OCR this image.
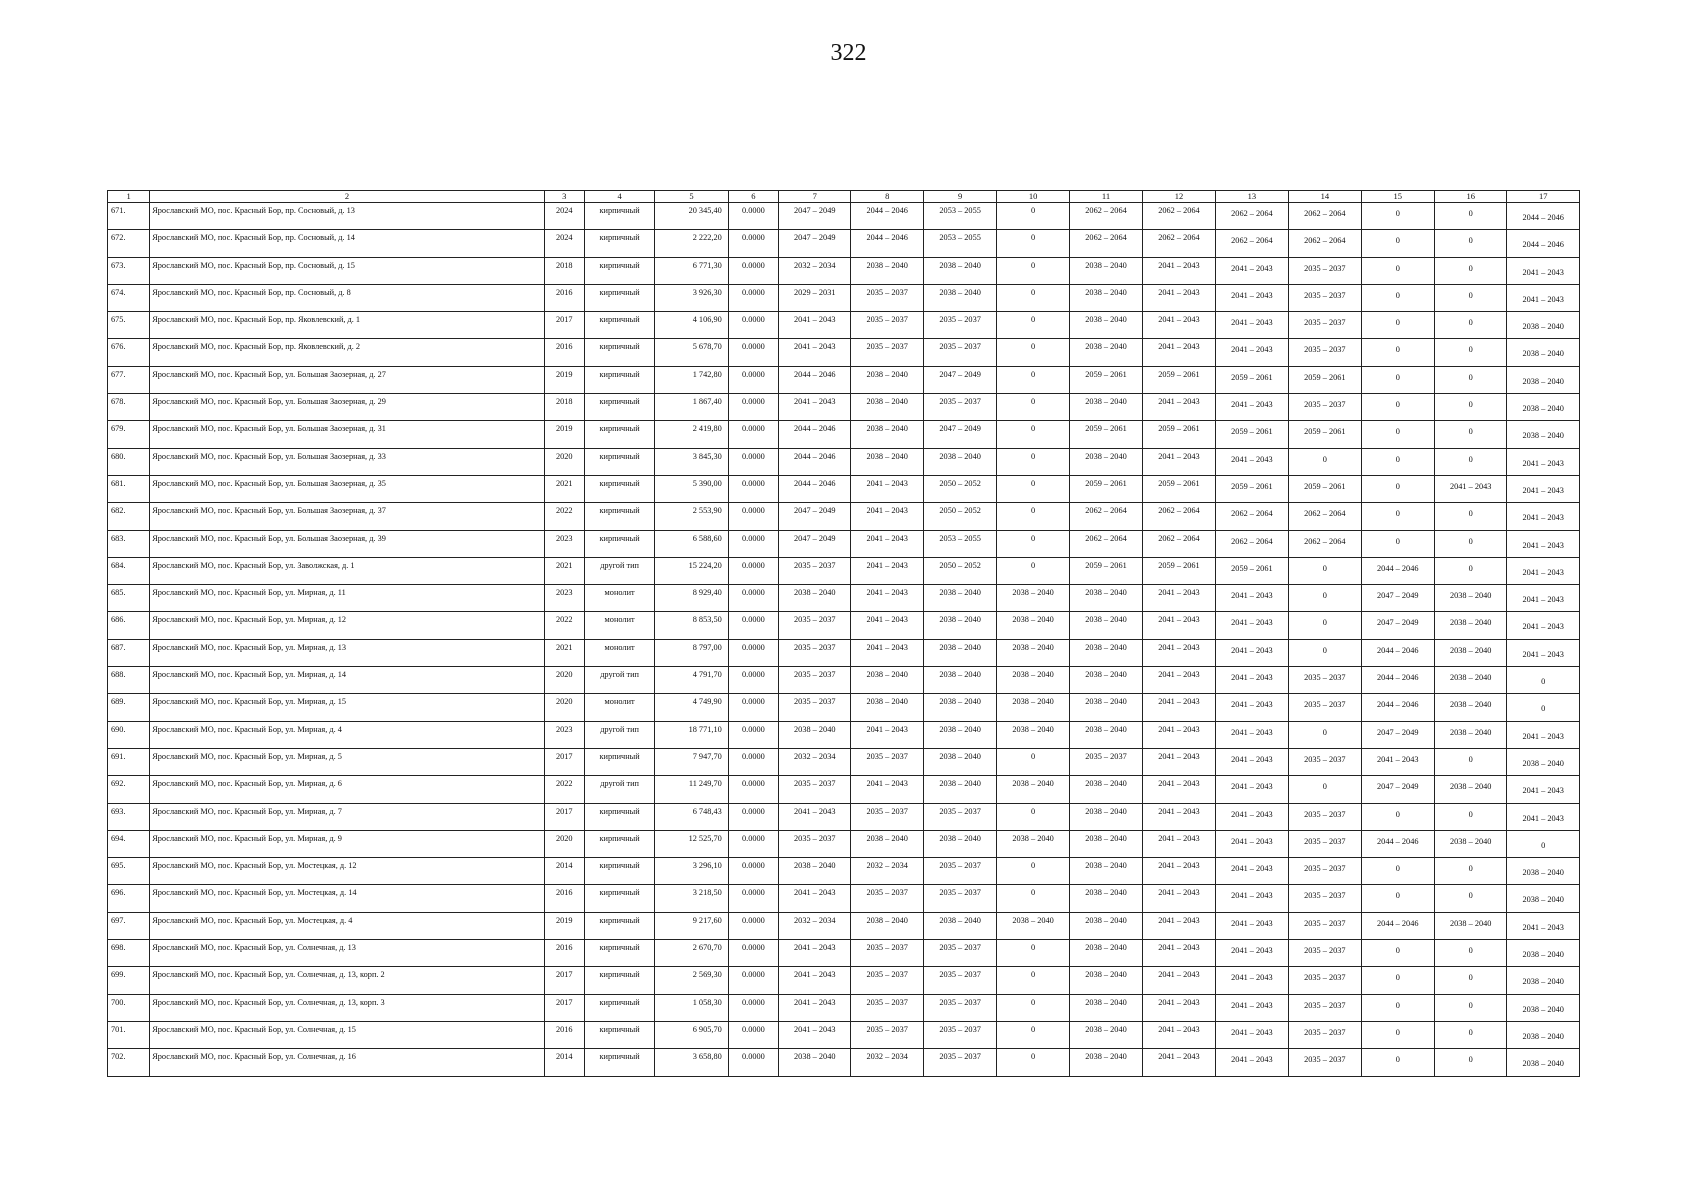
322
1	2	3	4	5	6	7	8	9	10	11	12	13	14	15	16	17
671.	Ярославский МО, пос. Красный Бор, пр. Сосновый, д. 13	2024	кирпичный	20 345,40	0.0000	2047 – 2049	2044 – 2046	2053 – 2055	0	2062 – 2064	2062 – 2064	2062 – 2064	2062 – 2064	0	0	2044 – 2046
672.	Ярославский МО, пос. Красный Бор, пр. Сосновый, д. 14	2024	кирпичный	2 222,20	0.0000	2047 – 2049	2044 – 2046	2053 – 2055	0	2062 – 2064	2062 – 2064	2062 – 2064	2062 – 2064	0	0	2044 – 2046
673.	Ярославский МО, пос. Красный Бор, пр. Сосновый, д. 15	2018	кирпичный	6 771,30	0.0000	2032 – 2034	2038 – 2040	2038 – 2040	0	2038 – 2040	2041 – 2043	2041 – 2043	2035 – 2037	0	0	2041 – 2043
674.	Ярославский МО, пос. Красный Бор, пр. Сосновый, д. 8	2016	кирпичный	3 926,30	0.0000	2029 – 2031	2035 – 2037	2038 – 2040	0	2038 – 2040	2041 – 2043	2041 – 2043	2035 – 2037	0	0	2041 – 2043
675.	Ярославский МО, пос. Красный Бор, пр. Яковлевский, д. 1	2017	кирпичный	4 106,90	0.0000	2041 – 2043	2035 – 2037	2035 – 2037	0	2038 – 2040	2041 – 2043	2041 – 2043	2035 – 2037	0	0	2038 – 2040
676.	Ярославский МО, пос. Красный Бор, пр. Яковлевский, д. 2	2016	кирпичный	5 678,70	0.0000	2041 – 2043	2035 – 2037	2035 – 2037	0	2038 – 2040	2041 – 2043	2041 – 2043	2035 – 2037	0	0	2038 – 2040
677.	Ярославский МО, пос. Красный Бор, ул. Большая Заозерная, д. 27	2019	кирпичный	1 742,80	0.0000	2044 – 2046	2038 – 2040	2047 – 2049	0	2059 – 2061	2059 – 2061	2059 – 2061	2059 – 2061	0	0	2038 – 2040
678.	Ярославский МО, пос. Красный Бор, ул. Большая Заозерная, д. 29	2018	кирпичный	1 867,40	0.0000	2041 – 2043	2038 – 2040	2035 – 2037	0	2038 – 2040	2041 – 2043	2041 – 2043	2035 – 2037	0	0	2038 – 2040
679.	Ярославский МО, пос. Красный Бор, ул. Большая Заозерная, д. 31	2019	кирпичный	2 419,80	0.0000	2044 – 2046	2038 – 2040	2047 – 2049	0	2059 – 2061	2059 – 2061	2059 – 2061	2059 – 2061	0	0	2038 – 2040
680.	Ярославский МО, пос. Красный Бор, ул. Большая Заозерная, д. 33	2020	кирпичный	3 845,30	0.0000	2044 – 2046	2038 – 2040	2038 – 2040	0	2038 – 2040	2041 – 2043	2041 – 2043	0	0	0	2041 – 2043
681.	Ярославский МО, пос. Красный Бор, ул. Большая Заозерная, д. 35	2021	кирпичный	5 390,00	0.0000	2044 – 2046	2041 – 2043	2050 – 2052	0	2059 – 2061	2059 – 2061	2059 – 2061	2059 – 2061	0	2041 – 2043	2041 – 2043
682.	Ярославский МО, пос. Красный Бор, ул. Большая Заозерная, д. 37	2022	кирпичный	2 553,90	0.0000	2047 – 2049	2041 – 2043	2050 – 2052	0	2062 – 2064	2062 – 2064	2062 – 2064	2062 – 2064	0	0	2041 – 2043
683.	Ярославский МО, пос. Красный Бор, ул. Большая Заозерная, д. 39	2023	кирпичный	6 588,60	0.0000	2047 – 2049	2041 – 2043	2053 – 2055	0	2062 – 2064	2062 – 2064	2062 – 2064	2062 – 2064	0	0	2041 – 2043
684.	Ярославский МО, пос. Красный Бор, ул. Заволжская, д. 1	2021	другой тип	15 224,20	0.0000	2035 – 2037	2041 – 2043	2050 – 2052	0	2059 – 2061	2059 – 2061	2059 – 2061	0	2044 – 2046	0	2041 – 2043
685.	Ярославский МО, пос. Красный Бор, ул. Мирная, д. 11	2023	монолит	8 929,40	0.0000	2038 – 2040	2041 – 2043	2038 – 2040	2038 – 2040	2038 – 2040	2041 – 2043	2041 – 2043	0	2047 – 2049	2038 – 2040	2041 – 2043
686.	Ярославский МО, пос. Красный Бор, ул. Мирная, д. 12	2022	монолит	8 853,50	0.0000	2035 – 2037	2041 – 2043	2038 – 2040	2038 – 2040	2038 – 2040	2041 – 2043	2041 – 2043	0	2047 – 2049	2038 – 2040	2041 – 2043
687.	Ярославский МО, пос. Красный Бор, ул. Мирная, д. 13	2021	монолит	8 797,00	0.0000	2035 – 2037	2041 – 2043	2038 – 2040	2038 – 2040	2038 – 2040	2041 – 2043	2041 – 2043	0	2044 – 2046	2038 – 2040	2041 – 2043
688.	Ярославский МО, пос. Красный Бор, ул. Мирная, д. 14	2020	другой тип	4 791,70	0.0000	2035 – 2037	2038 – 2040	2038 – 2040	2038 – 2040	2038 – 2040	2041 – 2043	2041 – 2043	2035 – 2037	2044 – 2046	2038 – 2040	0
689.	Ярославский МО, пос. Красный Бор, ул. Мирная, д. 15	2020	монолит	4 749,90	0.0000	2035 – 2037	2038 – 2040	2038 – 2040	2038 – 2040	2038 – 2040	2041 – 2043	2041 – 2043	2035 – 2037	2044 – 2046	2038 – 2040	0
690.	Ярославский МО, пос. Красный Бор, ул. Мирная, д. 4	2023	другой тип	18 771,10	0.0000	2038 – 2040	2041 – 2043	2038 – 2040	2038 – 2040	2038 – 2040	2041 – 2043	2041 – 2043	0	2047 – 2049	2038 – 2040	2041 – 2043
691.	Ярославский МО, пос. Красный Бор, ул. Мирная, д. 5	2017	кирпичный	7 947,70	0.0000	2032 – 2034	2035 – 2037	2038 – 2040	0	2035 – 2037	2041 – 2043	2041 – 2043	2035 – 2037	2041 – 2043	0	2038 – 2040
692.	Ярославский МО, пос. Красный Бор, ул. Мирная, д. 6	2022	другой тип	11 249,70	0.0000	2035 – 2037	2041 – 2043	2038 – 2040	2038 – 2040	2038 – 2040	2041 – 2043	2041 – 2043	0	2047 – 2049	2038 – 2040	2041 – 2043
693.	Ярославский МО, пос. Красный Бор, ул. Мирная, д. 7	2017	кирпичный	6 748,43	0.0000	2041 – 2043	2035 – 2037	2035 – 2037	0	2038 – 2040	2041 – 2043	2041 – 2043	2035 – 2037	0	0	2041 – 2043
694.	Ярославский МО, пос. Красный Бор, ул. Мирная, д. 9	2020	кирпичный	12 525,70	0.0000	2035 – 2037	2038 – 2040	2038 – 2040	2038 – 2040	2038 – 2040	2041 – 2043	2041 – 2043	2035 – 2037	2044 – 2046	2038 – 2040	0
695.	Ярославский МО, пос. Красный Бор, ул. Мостецкая, д. 12	2014	кирпичный	3 296,10	0.0000	2038 – 2040	2032 – 2034	2035 – 2037	0	2038 – 2040	2041 – 2043	2041 – 2043	2035 – 2037	0	0	2038 – 2040
696.	Ярославский МО, пос. Красный Бор, ул. Мостецкая, д. 14	2016	кирпичный	3 218,50	0.0000	2041 – 2043	2035 – 2037	2035 – 2037	0	2038 – 2040	2041 – 2043	2041 – 2043	2035 – 2037	0	0	2038 – 2040
697.	Ярославский МО, пос. Красный Бор, ул. Мостецкая, д. 4	2019	кирпичный	9 217,60	0.0000	2032 – 2034	2038 – 2040	2038 – 2040	2038 – 2040	2038 – 2040	2041 – 2043	2041 – 2043	2035 – 2037	2044 – 2046	2038 – 2040	2041 – 2043
698.	Ярославский МО, пос. Красный Бор, ул. Солнечная, д. 13	2016	кирпичный	2 670,70	0.0000	2041 – 2043	2035 – 2037	2035 – 2037	0	2038 – 2040	2041 – 2043	2041 – 2043	2035 – 2037	0	0	2038 – 2040
699.	Ярославский МО, пос. Красный Бор, ул. Солнечная, д. 13, корп. 2	2017	кирпичный	2 569,30	0.0000	2041 – 2043	2035 – 2037	2035 – 2037	0	2038 – 2040	2041 – 2043	2041 – 2043	2035 – 2037	0	0	2038 – 2040
700.	Ярославский МО, пос. Красный Бор, ул. Солнечная, д. 13, корп. 3	2017	кирпичный	1 058,30	0.0000	2041 – 2043	2035 – 2037	2035 – 2037	0	2038 – 2040	2041 – 2043	2041 – 2043	2035 – 2037	0	0	2038 – 2040
701.	Ярославский МО, пос. Красный Бор, ул. Солнечная, д. 15	2016	кирпичный	6 905,70	0.0000	2041 – 2043	2035 – 2037	2035 – 2037	0	2038 – 2040	2041 – 2043	2041 – 2043	2035 – 2037	0	0	2038 – 2040
702.	Ярославский МО, пос. Красный Бор, ул. Солнечная, д. 16	2014	кирпичный	3 658,80	0.0000	2038 – 2040	2032 – 2034	2035 – 2037	0	2038 – 2040	2041 – 2043	2041 – 2043	2035 – 2037	0	0	2038 – 2040
